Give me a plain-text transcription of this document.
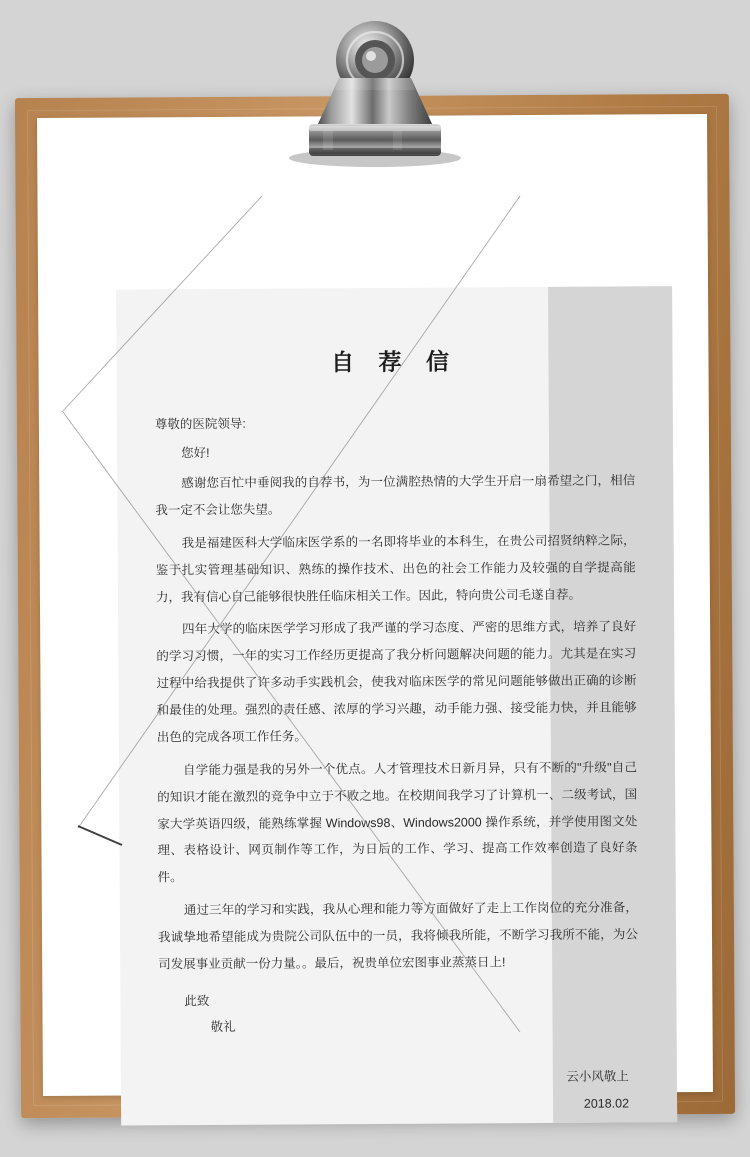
自 荐 信
尊敬的医院领导:
您好!

感谢您百忙中垂阅我的自荐书，为一位满腔热情的大学生开启一扇希望之门，相信我一定不会让您失望。

我是福建医科大学临床医学系的一名即将毕业的本科生，在贵公司招贤纳粹之际，鉴于扎实管理基础知识、熟练的操作技术、出色的社会工作能力及较强的自学提高能力，我有信心自己能够很快胜任临床相关工作。因此，特向贵公司毛遂自荐。

四年大学的临床医学学习形成了我严谨的学习态度、严密的思维方式，培养了良好的学习习惯，一年的实习工作经历更提高了我分析问题解决问题的能力。尤其是在实习过程中给我提供了许多动手实践机会，使我对临床医学的常见问题能够做出正确的诊断和最佳的处理。强烈的责任感、浓厚的学习兴趣，动手能力强、接受能力快，并且能够出色的完成各项工作任务。

自学能力强是我的另外一个优点。人才管理技术日新月异，只有不断的"升级"自己的知识才能在激烈的竞争中立于不败之地。在校期间我学习了计算机一、二级考试，国家大学英语四级，能熟练掌握 Windows98、Windows2000 操作系统，并学使用图文处理、表格设计、网页制作等工作，为日后的工作、学习、提高工作效率创造了良好条件。

通过三年的学习和实践，我从心理和能力等方面做好了走上工作岗位的充分准备，我诚挚地希望能成为贵院公司队伍中的一员，我将倾我所能，不断学习我所不能，为公司发展事业贡献一份力量。。最后，祝贵单位宏图事业蒸蒸日上!

此致
敬礼
云小风敬上
2018.02
